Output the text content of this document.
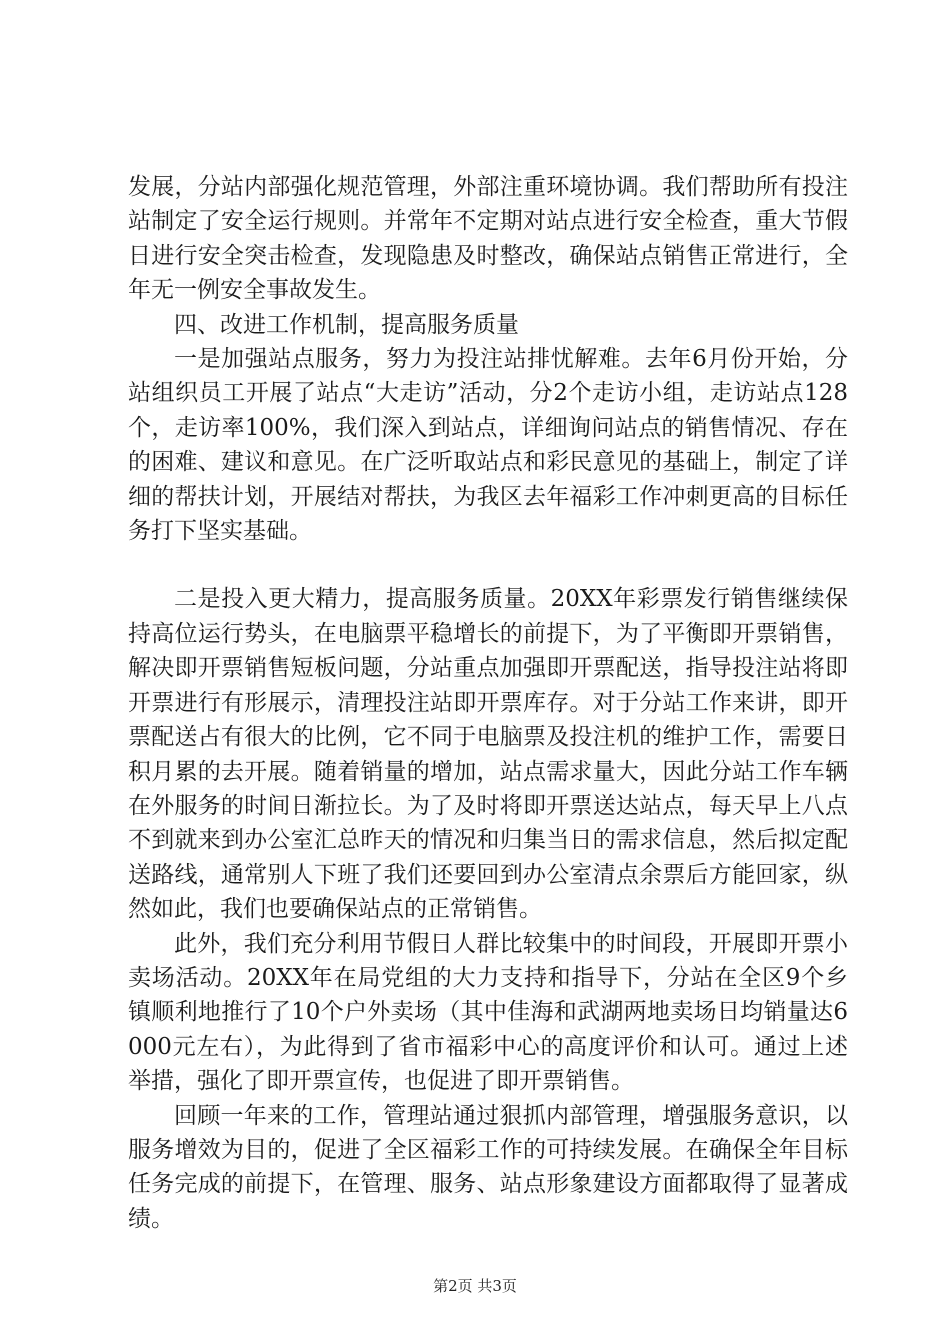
发展，分站内部强化规范管理，外部注重环境协调。我们帮助所有投注站制定了安全运行规则。并常年不定期对站点进行安全检查，重大节假日进行安全突击检查，发现隐患及时整改，确保站点销售正常进行，全年无一例安全事故发生。

四、改进工作机制，提高服务质量

一是加强站点服务，努力为投注站排忧解难。去年6月份开始，分站组织员工开展了站点“大走访”活动，分2个走访小组，走访站点128个，走访率100%，我们深入到站点，详细询问站点的销售情况、存在的困难、建议和意见。在广泛听取站点和彩民意见的基础上，制定了详细的帮扶计划，开展结对帮扶，为我区去年福彩工作冲刺更高的目标任务打下坚实基础。

二是投入更大精力，提高服务质量。20XX年彩票发行销售继续保持高位运行势头，在电脑票平稳增长的前提下，为了平衡即开票销售，解决即开票销售短板问题，分站重点加强即开票配送，指导投注站将即开票进行有形展示，清理投注站即开票库存。对于分站工作来讲，即开票配送占有很大的比例，它不同于电脑票及投注机的维护工作，需要日积月累的去开展。随着销量的增加，站点需求量大，因此分站工作车辆在外服务的时间日渐拉长。为了及时将即开票送达站点，每天早上八点不到就来到办公室汇总昨天的情况和归集当日的需求信息，然后拟定配送路线，通常别人下班了我们还要回到办公室清点余票后方能回家，纵然如此，我们也要确保站点的正常销售。

此外，我们充分利用节假日人群比较集中的时间段，开展即开票小卖场活动。20XX年在局党组的大力支持和指导下，分站在全区9个乡镇顺利地推行了10个户外卖场（其中佳海和武湖两地卖场日均销量达6000元左右），为此得到了省市福彩中心的高度评价和认可。通过上述举措，强化了即开票宣传，也促进了即开票销售。

回顾一年来的工作，管理站通过狠抓内部管理，增强服务意识，以服务增效为目的，促进了全区福彩工作的可持续发展。在确保全年目标任务完成的前提下，在管理、服务、站点形象建设方面都取得了显著成绩。

第2页 共3页
